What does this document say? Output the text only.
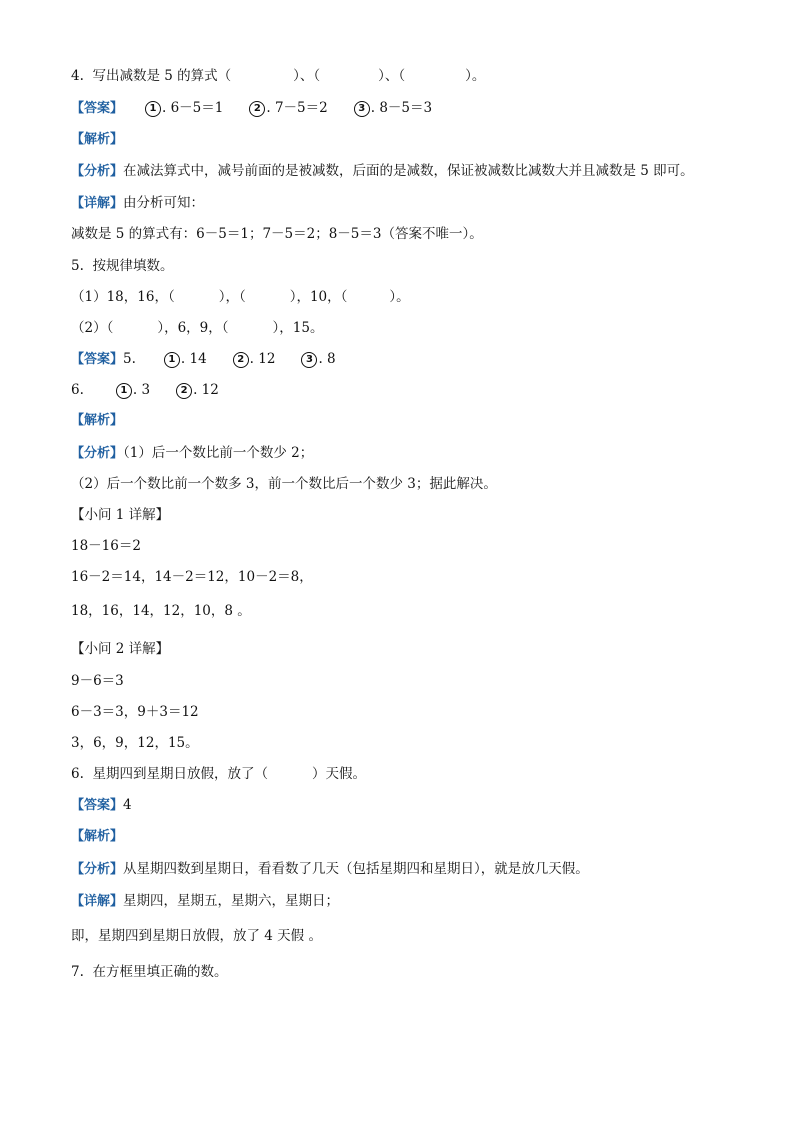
4.  写出减数是 5 的算式（	）、（	）、（	）。
【答案】	1 . 6－5＝1	2 . 7－5＝2	3 . 8－5＝3
【解析】
【分析】在减法算式中，减号前面的是被减数，后面的是减数，保证被减数比减数大并且减数是 5 即可。
【详解】由分析可知：
减数是 5 的算式有：6－5＝1；7－5＝2；8－5＝3（答案不唯一）。
5.  按规律填数。
（1）18，16，（	），（	），10，（	）。
（2）（	），6，9，（	），15。
【答案】5.	1 . 14	2 . 12	3 . 8
6.	1 . 3	2 . 12
【解析】
【分析】（1）后一个数比前一个数少 2；
（2）后一个数比前一个数多 3，前一个数比后一个数少 3；据此解决。
【小问 1 详解】
18－16＝2
16－2＝14，14－2＝12，10－2＝8，
18，16，14，12，10，8 。
【小问 2 详解】
9－6＝3
6－3＝3，9＋3＝12
3，6，9，12，15。
6.  星期四到星期日放假，放了（	）天假。
【答案】4
【解析】
【分析】从星期四数到星期日，看看数了几天（包括星期四和星期日），就是放几天假。
【详解】星期四，星期五，星期六，星期日；
即，星期四到星期日放假，放了 4 天假 。
7.  在方框里填正确的数。
